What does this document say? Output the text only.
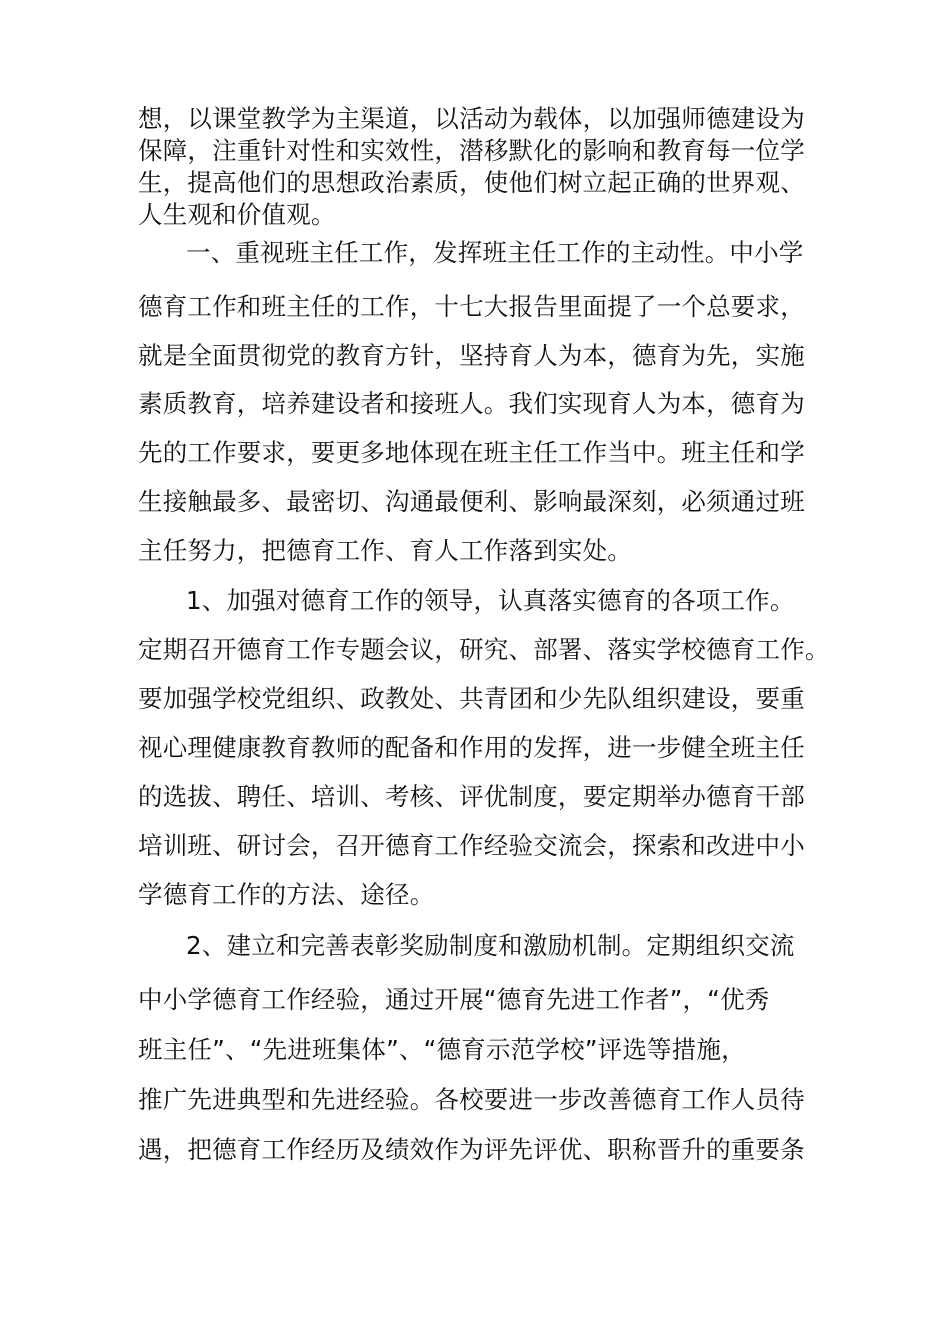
想，以课堂教学为主渠道，以活动为载体，以加强师德建设为

保障，注重针对性和实效性，潜移默化的影响和教育每一位学

生，提高他们的思想政治素质，使他们树立起正确的世界观、

人生观和价值观。

一、重视班主任工作，发挥班主任工作的主动性。中小学

德育工作和班主任的工作，十七大报告里面提了一个总要求，

就是全面贯彻党的教育方针，坚持育人为本，德育为先，实施

素质教育，培养建设者和接班人。我们实现育人为本，德育为

先的工作要求，要更多地体现在班主任工作当中。班主任和学

生接触最多、最密切、沟通最便利、影响最深刻，必须通过班

主任努力，把德育工作、育人工作落到实处。

1、加强对德育工作的领导，认真落实德育的各项工作。

定期召开德育工作专题会议，研究、部署、落实学校德育工作。

要加强学校党组织、政教处、共青团和少先队组织建设，要重

视心理健康教育教师的配备和作用的发挥，进一步健全班主任

的选拔、聘任、培训、考核、评优制度，要定期举办德育干部

培训班、研讨会，召开德育工作经验交流会，探索和改进中小

学德育工作的方法、途径。

2、建立和完善表彰奖励制度和激励机制。定期组织交流

中小学德育工作经验，通过开展“德育先进工作者”，“优秀

班主任”、“先进班集体”、“德育示范学校”评选等措施，

推广先进典型和先进经验。各校要进一步改善德育工作人员待

遇，把德育工作经历及绩效作为评先评优、职称晋升的重要条
